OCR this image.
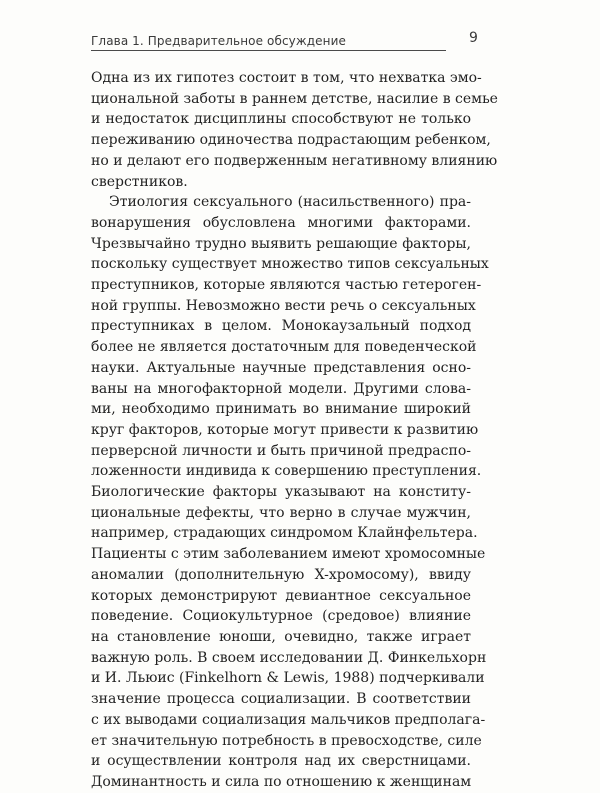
Глава 1. Предварительное обсуждение	9
Одна из их гипотез состоит в том, что нехватка эмо-
циональной заботы в раннем детстве, насилие в семье
и недостаток дисциплины способствуют не только
переживанию одиночества подрастающим ребенком,
но и делают его подверженным негативному влиянию
сверстников.
Этиология сексуального (насильственного) пра-
вонарушения обусловлена многими факторами.
Чрезвычайно трудно выявить решающие факторы,
поскольку существует множество типов сексуальных
преступников, которые являются частью гетероген-
ной группы. Невозможно вести речь о сексуальных
преступниках в целом. Монокаузальный подход
более не является достаточным для поведенческой
науки. Актуальные научные представления осно-
ваны на многофакторной модели. Другими слова-
ми, необходимо принимать во внимание широкий
круг факторов, которые могут привести к развитию
перверсной личности и быть причиной предраспо-
ложенности индивида к совершению преступления.
Биологические факторы указывают на конститу-
циональные дефекты, что верно в случае мужчин,
например, страдающих синдромом Клайнфельтера.
Пациенты с этим заболеванием имеют хромосомные
аномалии (дополнительную X-хромосому), ввиду
которых демонстрируют девиантное сексуальное
поведение. Социокультурное (средовое) влияние
на становление юноши, очевидно, также играет
важную роль. В своем исследовании Д. Финкельхорн
и И. Льюис (Finkelhorn & Lewis, 1988) подчеркивали
значение процесса социализации. В соответствии
с их выводами социализация мальчиков предполага-
ет значительную потребность в превосходстве, силе
и осуществлении контроля над их сверстницами.
Доминантность и сила по отношению к женщинам
